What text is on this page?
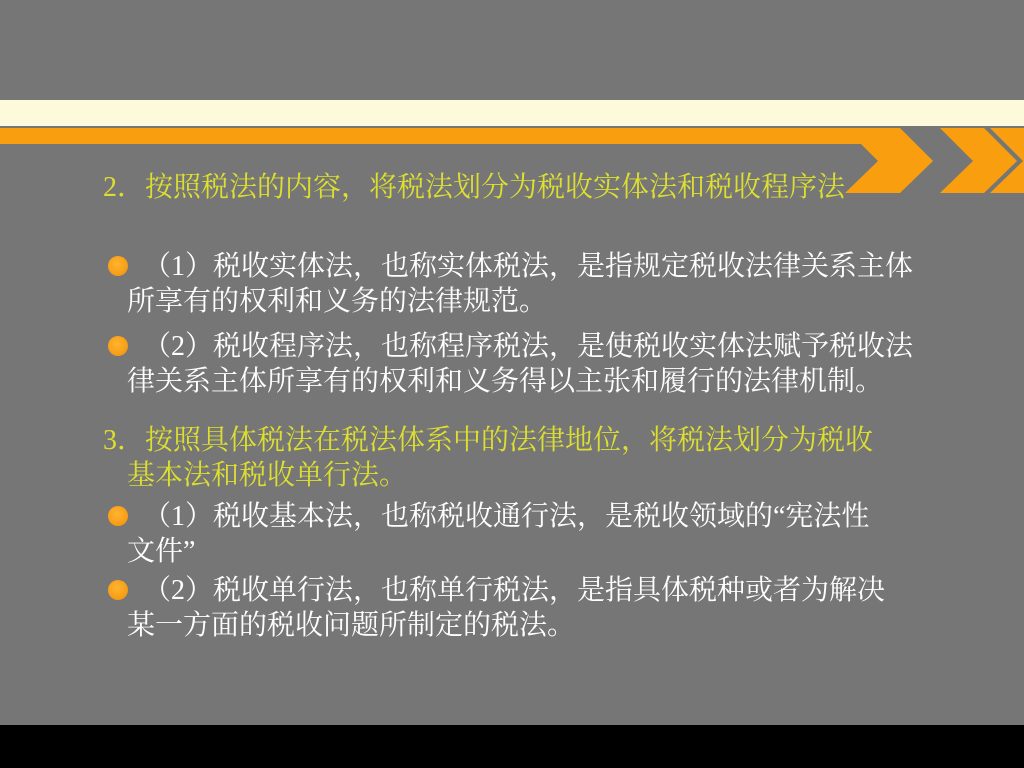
2．按照税法的内容，将税法划分为税收实体法和税收程序法
（1）税收实体法，也称实体税法，是指规定税收法律关系主体
所享有的权利和义务的法律规范。
（2）税收程序法，也称程序税法，是使税收实体法赋予税收法
律关系主体所享有的权利和义务得以主张和履行的法律机制。
3．按照具体税法在税法体系中的法律地位，将税法划分为税收
基本法和税收单行法。
（1）税收基本法，也称税收通行法，是税收领域的“宪法性
文件”
（2）税收单行法，也称单行税法，是指具体税种或者为解决
某一方面的税收问题所制定的税法。
